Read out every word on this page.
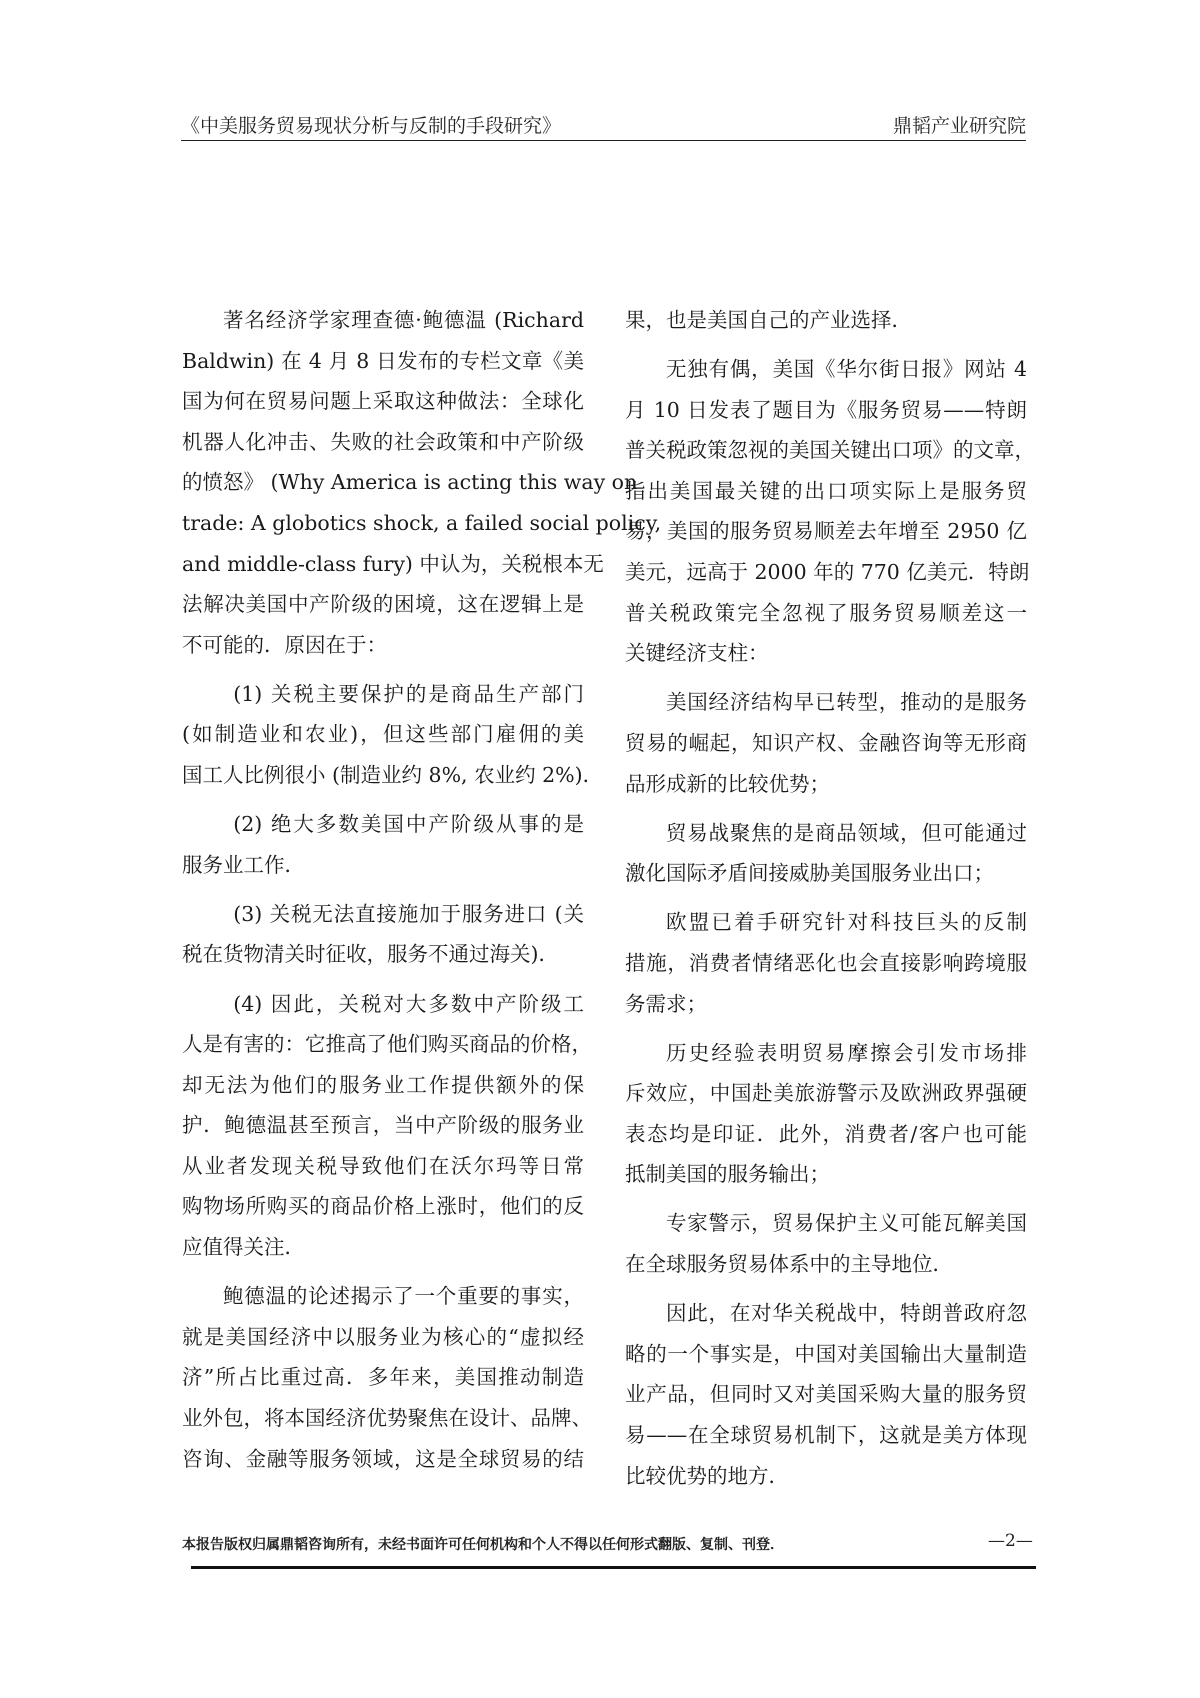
《中美服务贸易现状分析与反制的手段研究》	鼎韬产业研究院
著名经济学家理查德·鲍德温 (Richard
Baldwin) 在 4 月 8 日发布的专栏文章《美
国为何在贸易问题上采取这种做法：全球化
机器人化冲击、失败的社会政策和中产阶级
的愤怒》 (Why America is acting this way on
trade: A globotics shock, a failed social policy,
and middle-class fury) 中认为，关税根本无
法解决美国中产阶级的困境，这在逻辑上是
不可能的．原因在于：
(1) 关税主要保护的是商品生产部门
(如制造业和农业)，但这些部门雇佣的美
国工人比例很小 (制造业约 8%, 农业约 2%)．
(2) 绝大多数美国中产阶级从事的是
服务业工作．
(3) 关税无法直接施加于服务进口 (关
税在货物清关时征收，服务不通过海关)．
(4) 因此，关税对大多数中产阶级工
人是有害的：它推高了他们购买商品的价格，
却无法为他们的服务业工作提供额外的保
护．鲍德温甚至预言，当中产阶级的服务业
从业者发现关税导致他们在沃尔玛等日常
购物场所购买的商品价格上涨时，他们的反
应值得关注．
鲍德温的论述揭示了一个重要的事实，
就是美国经济中以服务业为核心的“虚拟经
济”所占比重过高．多年来，美国推动制造
业外包，将本国经济优势聚焦在设计、品牌、
咨询、金融等服务领域，这是全球贸易的结
果，也是美国自己的产业选择．
无独有偶，美国《华尔街日报》网站 4
月 10 日发表了题目为《服务贸易——特朗
普关税政策忽视的美国关键出口项》的文章，
指出美国最关键的出口项实际上是服务贸
易，美国的服务贸易顺差去年增至 2950 亿
美元，远高于 2000 年的 770 亿美元．特朗
普关税政策完全忽视了服务贸易顺差这一
关键经济支柱：
美国经济结构早已转型，推动的是服务
贸易的崛起，知识产权、金融咨询等无形商
品形成新的比较优势；
贸易战聚焦的是商品领域，但可能通过
激化国际矛盾间接威胁美国服务业出口；
欧盟已着手研究针对科技巨头的反制
措施，消费者情绪恶化也会直接影响跨境服
务需求；
历史经验表明贸易摩擦会引发市场排
斥效应，中国赴美旅游警示及欧洲政界强硬
表态均是印证．此外，消费者/客户也可能
抵制美国的服务输出；
专家警示，贸易保护主义可能瓦解美国
在全球服务贸易体系中的主导地位．
因此，在对华关税战中，特朗普政府忽
略的一个事实是，中国对美国输出大量制造
业产品，但同时又对美国采购大量的服务贸
易——在全球贸易机制下，这就是美方体现
比较优势的地方．
本报告版权归属鼎韬咨询所有，未经书面许可任何机构和个人不得以任何形式翻版、复制、刊登．	—2—
